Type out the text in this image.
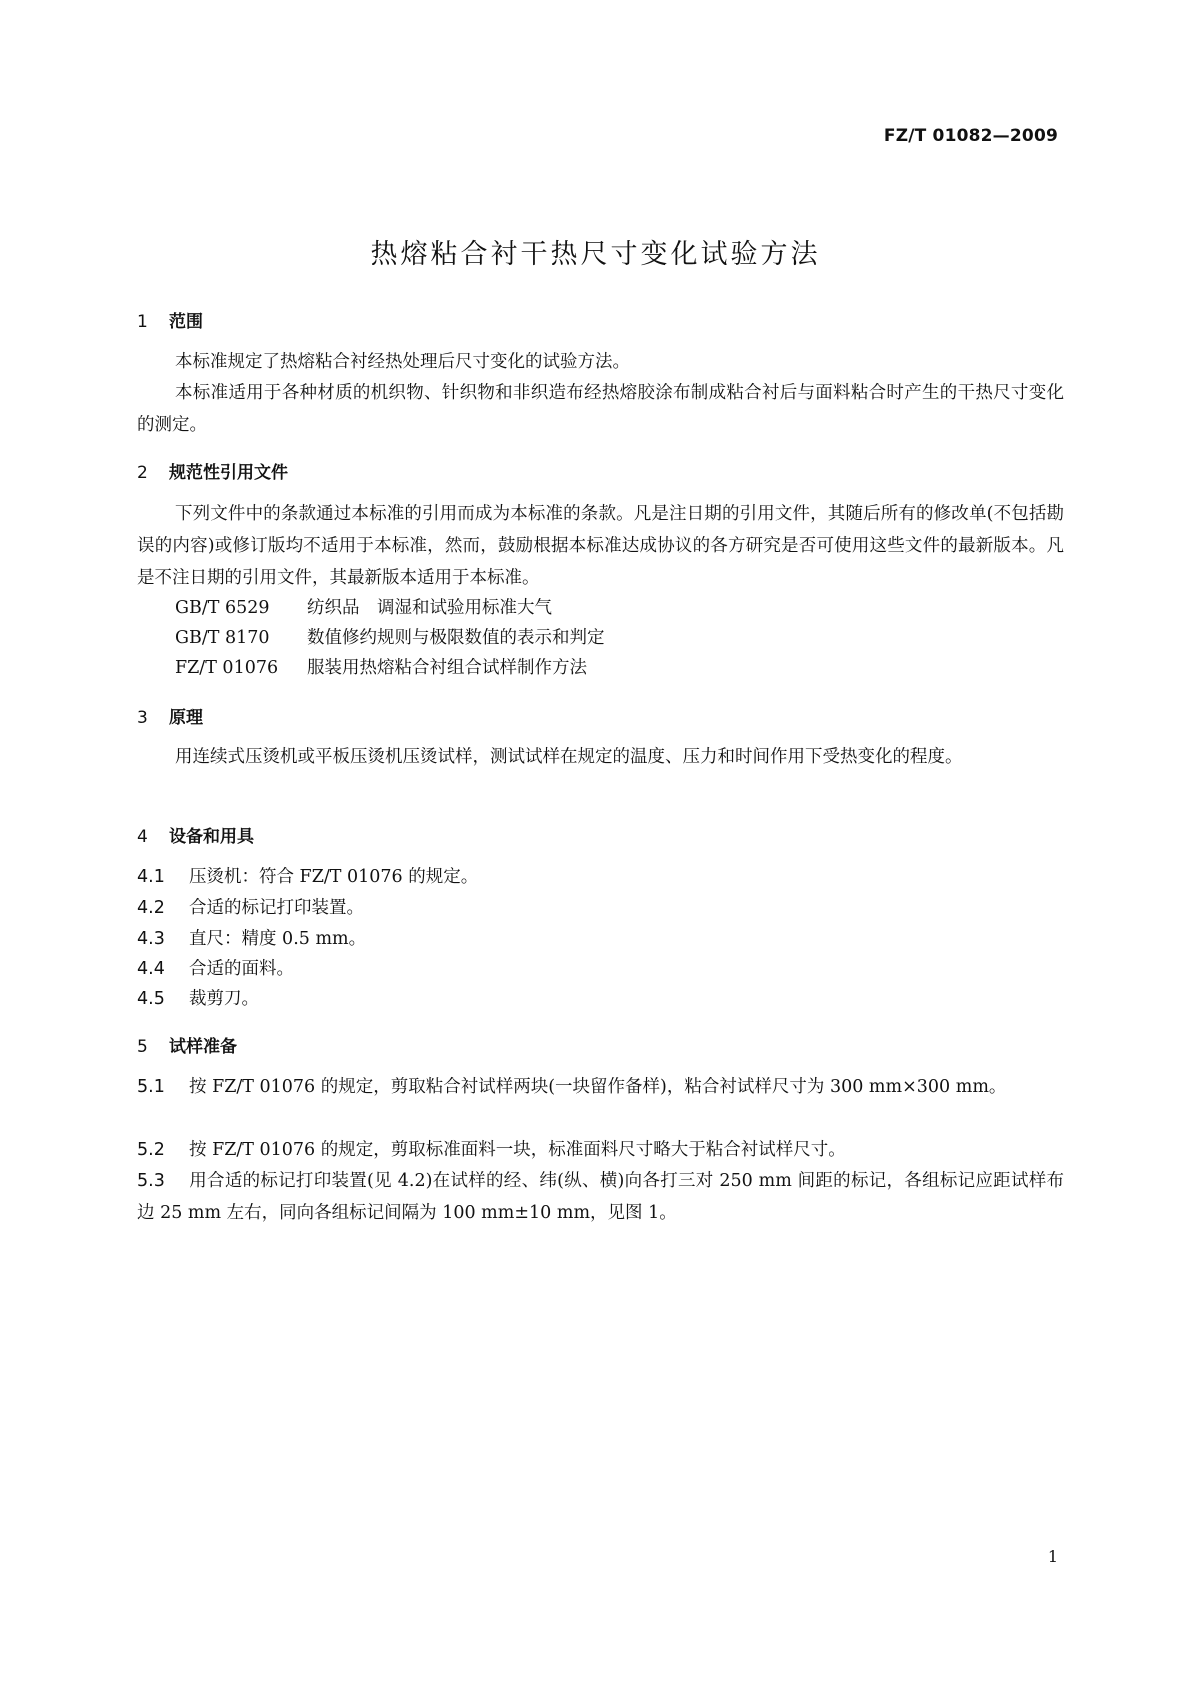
FZ/T 01082—2009
热熔粘合衬干热尺寸变化试验方法
1 范围
本标准规定了热熔粘合衬经热处理后尺寸变化的试验方法。
本标准适用于各种材质的机织物、针织物和非织造布经热熔胶涂布制成粘合衬后与面料粘合时产生的干热尺寸变化的测定。
2 规范性引用文件
下列文件中的条款通过本标准的引用而成为本标准的条款。凡是注日期的引用文件，其随后所有的修改单(不包括勘误的内容)或修订版均不适用于本标准，然而，鼓励根据本标准达成协议的各方研究是否可使用这些文件的最新版本。凡是不注日期的引用文件，其最新版本适用于本标准。
GB/T 6529 纺织品　调湿和试验用标准大气
GB/T 8170 数值修约规则与极限数值的表示和判定
FZ/T 01076 服装用热熔粘合衬组合试样制作方法
3 原理
用连续式压烫机或平板压烫机压烫试样，测试试样在规定的温度、压力和时间作用下受热变化的程度。
4 设备和用具
4.1 压烫机：符合 FZ/T 01076 的规定。
4.2 合适的标记打印装置。
4.3 直尺：精度 0.5 mm。
4.4 合适的面料。
4.5 裁剪刀。
5 试样准备
5.1 按 FZ/T 01076 的规定，剪取粘合衬试样两块(一块留作备样)，粘合衬试样尺寸为 300 mm×300 mm。
5.2 按 FZ/T 01076 的规定，剪取标准面料一块，标准面料尺寸略大于粘合衬试样尺寸。
5.3 用合适的标记打印装置(见 4.2)在试样的经、纬(纵、横)向各打三对 250 mm 间距的标记，各组标记应距试样布边 25 mm 左右，同向各组标记间隔为 100 mm±10 mm，见图 1。
1
